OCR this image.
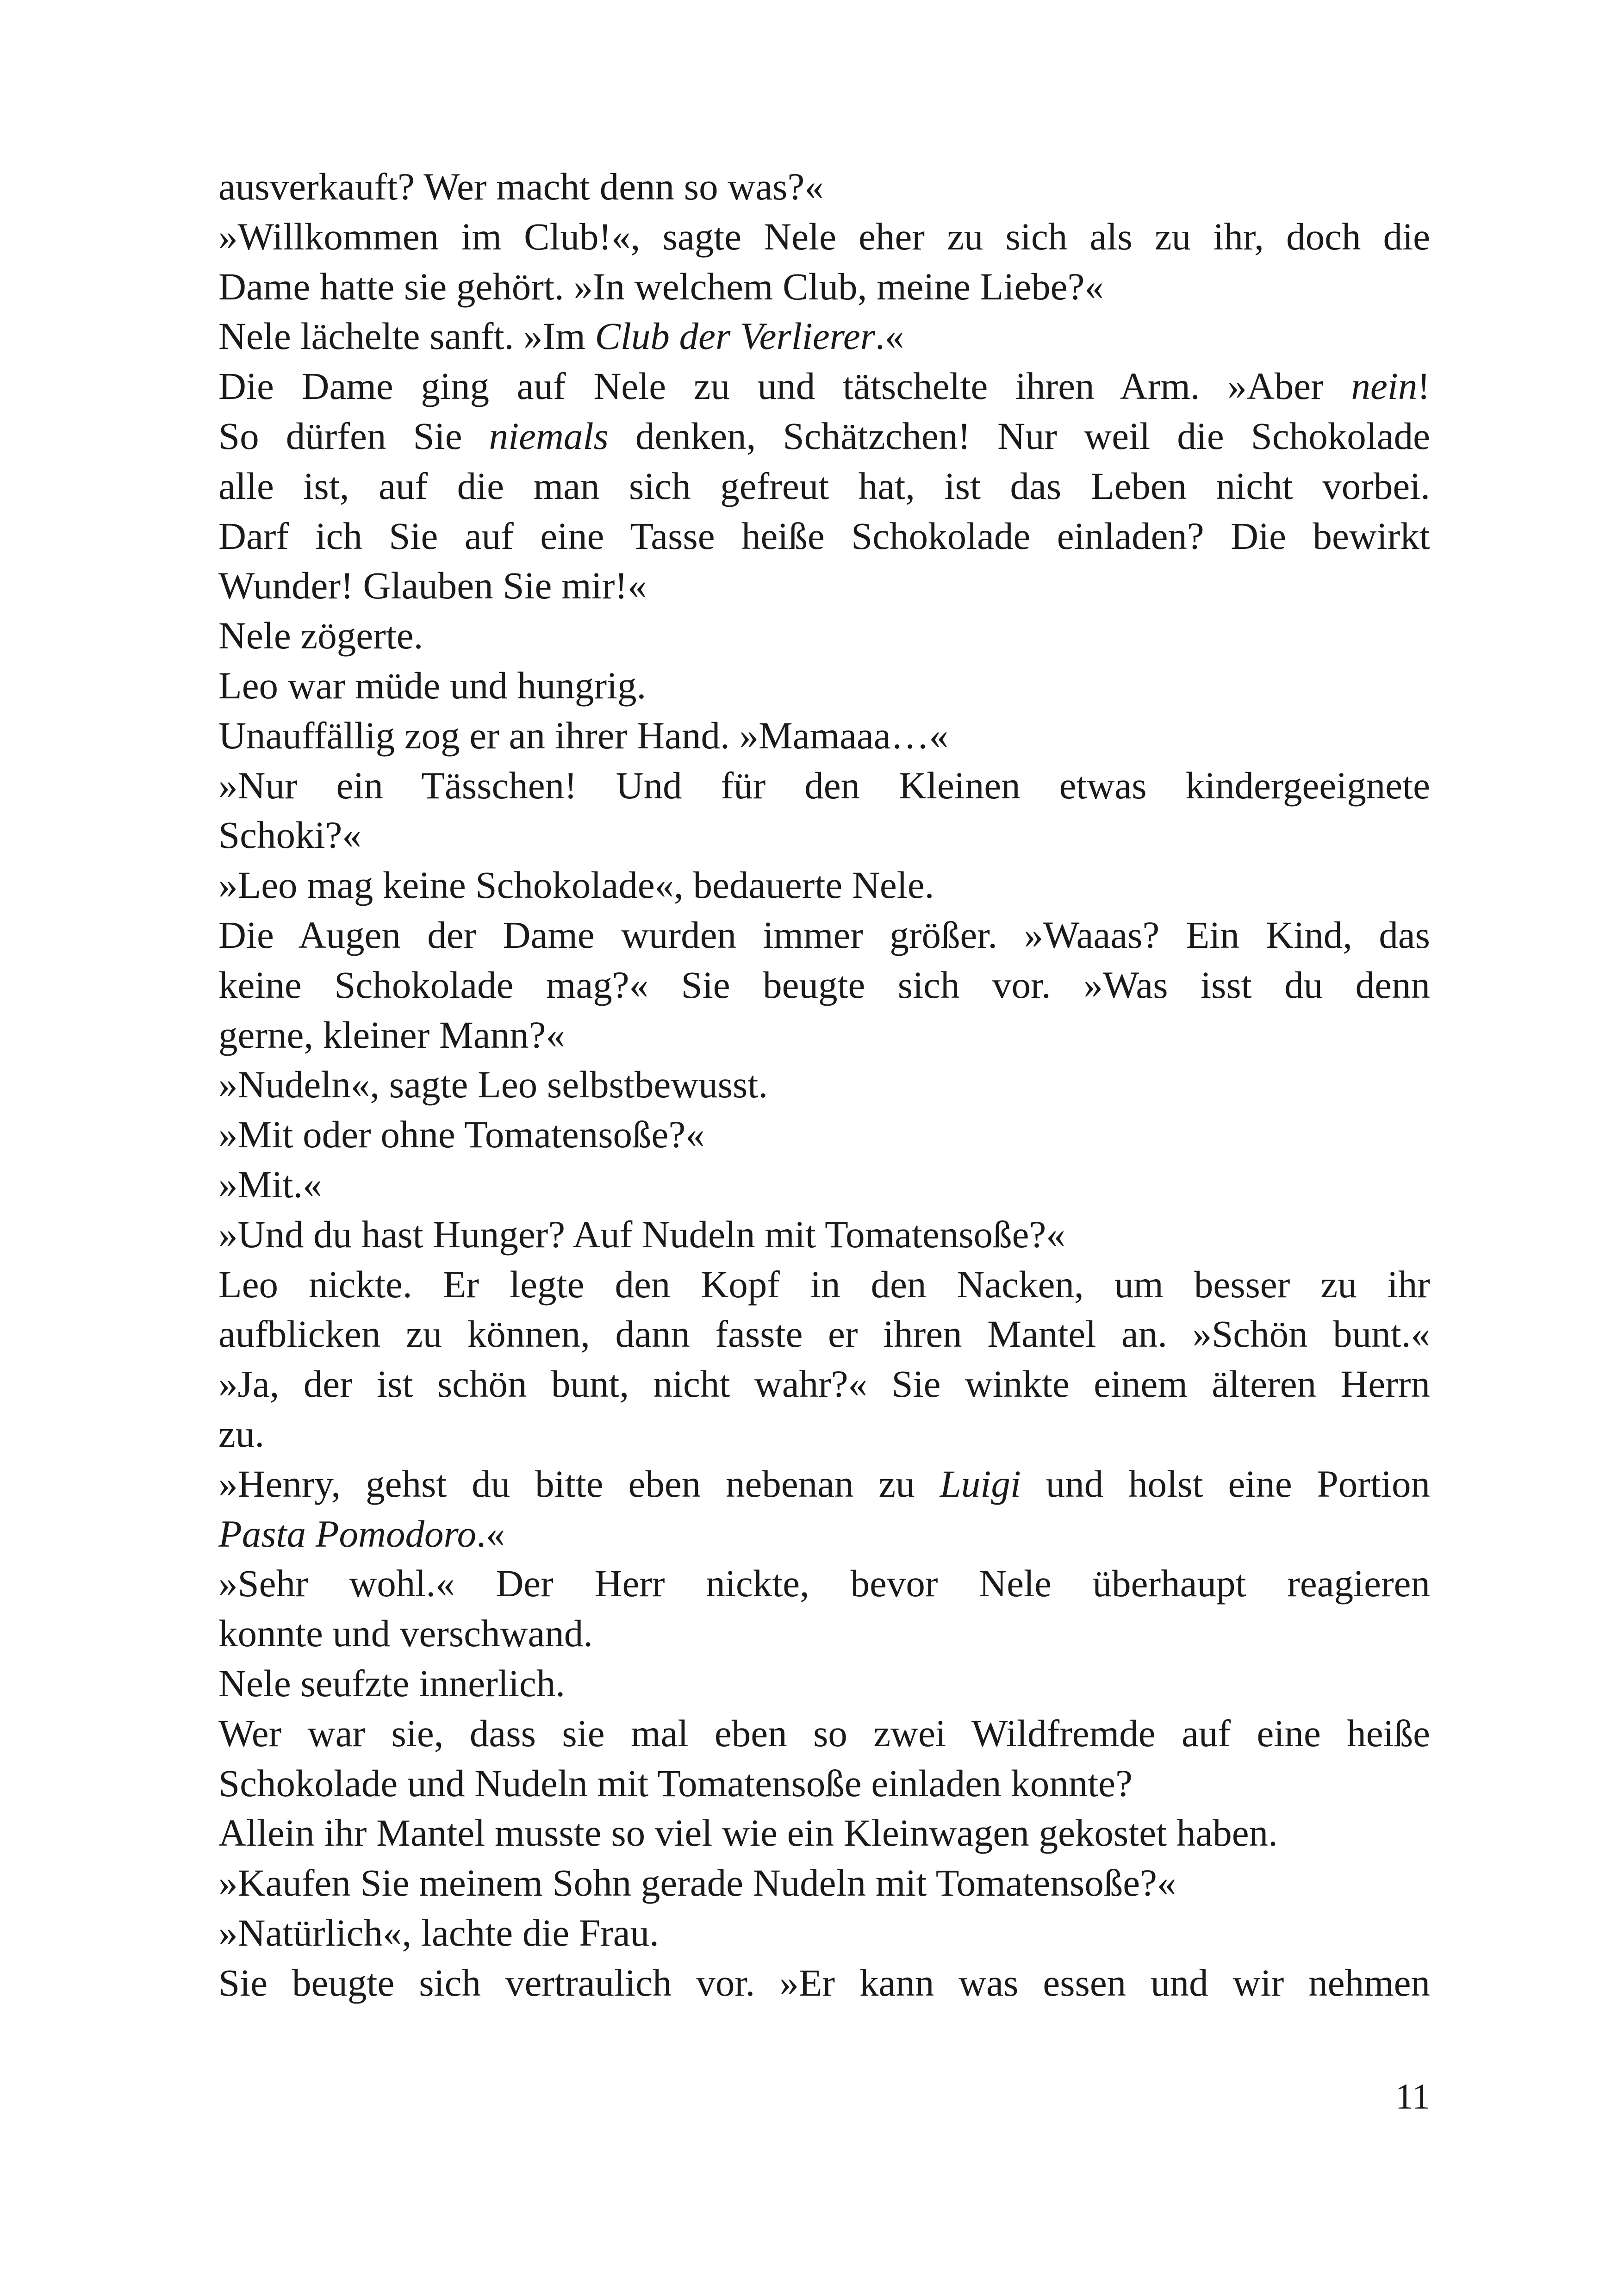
ausverkauft? Wer macht denn so was?«
»Willkommen im Club!«, sagte Nele eher zu sich als zu ihr, doch die
Dame hatte sie gehört. »In welchem Club, meine Liebe?«
Nele lächelte sanft. »Im Club der Verlierer.«
Die Dame ging auf Nele zu und tätschelte ihren Arm. »Aber nein!
So dürfen Sie niemals denken, Schätzchen! Nur weil die Schokolade
alle ist, auf die man sich gefreut hat, ist das Leben nicht vorbei.
Darf ich Sie auf eine Tasse heiße Schokolade einladen? Die bewirkt
Wunder! Glauben Sie mir!«
Nele zögerte.
Leo war müde und hungrig.
Unauffällig zog er an ihrer Hand. »Mamaaa…«
»Nur ein Tässchen! Und für den Kleinen etwas kindergeeignete
Schoki?«
»Leo mag keine Schokolade«, bedauerte Nele.
Die Augen der Dame wurden immer größer. »Waaas? Ein Kind, das
keine Schokolade mag?« Sie beugte sich vor. »Was isst du denn
gerne, kleiner Mann?«
»Nudeln«, sagte Leo selbstbewusst.
»Mit oder ohne Tomatensoße?«
»Mit.«
»Und du hast Hunger? Auf Nudeln mit Tomatensoße?«
Leo nickte. Er legte den Kopf in den Nacken, um besser zu ihr
aufblicken zu können, dann fasste er ihren Mantel an. »Schön bunt.«
»Ja, der ist schön bunt, nicht wahr?« Sie winkte einem älteren Herrn
zu.
»Henry, gehst du bitte eben nebenan zu Luigi und holst eine Portion
Pasta Pomodoro.«
»Sehr wohl.« Der Herr nickte, bevor Nele überhaupt reagieren
konnte und verschwand.
Nele seufzte innerlich.
Wer war sie, dass sie mal eben so zwei Wildfremde auf eine heiße
Schokolade und Nudeln mit Tomatensoße einladen konnte?
Allein ihr Mantel musste so viel wie ein Kleinwagen gekostet haben.
»Kaufen Sie meinem Sohn gerade Nudeln mit Tomatensoße?«
»Natürlich«, lachte die Frau.
Sie beugte sich vertraulich vor. »Er kann was essen und wir nehmen
11
